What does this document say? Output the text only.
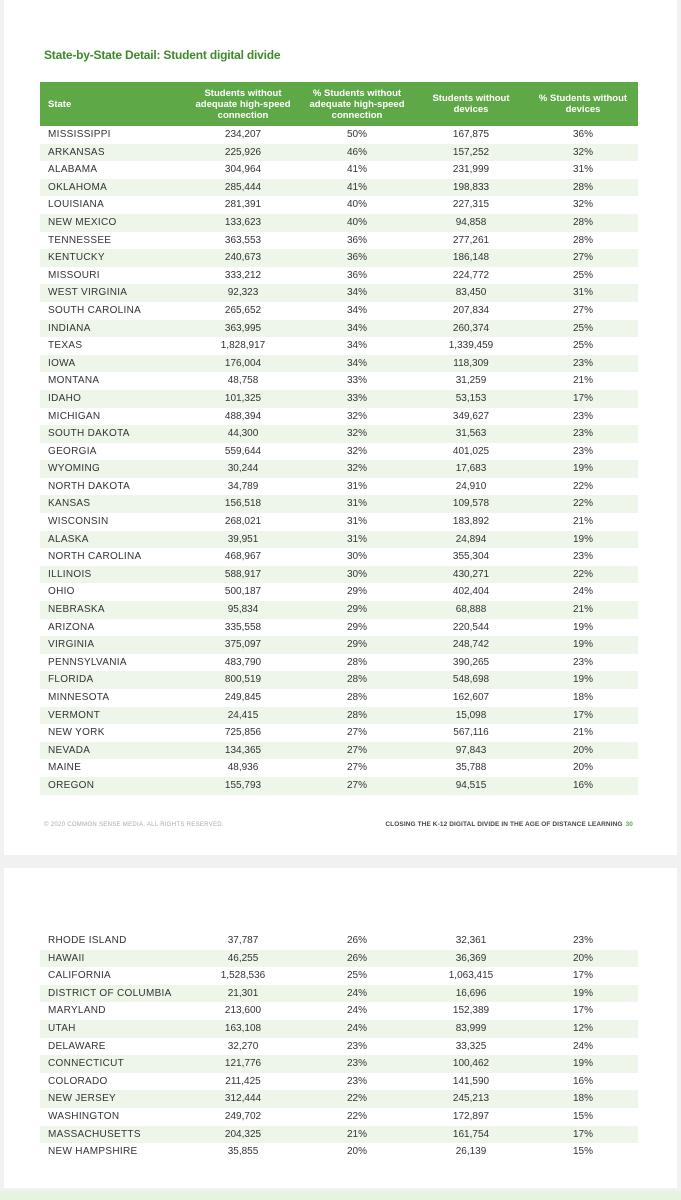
State-by-State Detail: Student digital divide
© 2020 COMMON SENSE MEDIA. ALL RIGHTS RESERVED.	CLOSING THE K-12 DIGITAL DIVIDE IN THE AGE OF DISTANCE LEARNING 30
State	Students without adequate high-speed connection	% Students without adequate high-speed connection	Students without devices	% Students without devices
MISSISSIPPI	234,207	50%	167,875	36%
ARKANSAS	225,926	46%	157,252	32%
ALABAMA	304,964	41%	231,999	31%
OKLAHOMA	285,444	41%	198,833	28%
LOUISIANA	281,391	40%	227,315	32%
NEW MEXICO	133,623	40%	94,858	28%
TENNESSEE	363,553	36%	277,261	28%
KENTUCKY	240,673	36%	186,148	27%
MISSOURI	333,212	36%	224,772	25%
WEST VIRGINIA	92,323	34%	83,450	31%
SOUTH CAROLINA	265,652	34%	207,834	27%
INDIANA	363,995	34%	260,374	25%
TEXAS	1,828,917	34%	1,339,459	25%
IOWA	176,004	34%	118,309	23%
MONTANA	48,758	33%	31,259	21%
IDAHO	101,325	33%	53,153	17%
MICHIGAN	488,394	32%	349,627	23%
SOUTH DAKOTA	44,300	32%	31,563	23%
GEORGIA	559,644	32%	401,025	23%
WYOMING	30,244	32%	17,683	19%
NORTH DAKOTA	34,789	31%	24,910	22%
KANSAS	156,518	31%	109,578	22%
WISCONSIN	268,021	31%	183,892	21%
ALASKA	39,951	31%	24,894	19%
NORTH CAROLINA	468,967	30%	355,304	23%
ILLINOIS	588,917	30%	430,271	22%
OHIO	500,187	29%	402,404	24%
NEBRASKA	95,834	29%	68,888	21%
ARIZONA	335,558	29%	220,544	19%
VIRGINIA	375,097	29%	248,742	19%
PENNSYLVANIA	483,790	28%	390,265	23%
FLORIDA	800,519	28%	548,698	19%
MINNESOTA	249,845	28%	162,607	18%
VERMONT	24,415	28%	15,098	17%
NEW YORK	725,856	27%	567,116	21%
NEVADA	134,365	27%	97,843	20%
MAINE	48,936	27%	35,788	20%
OREGON	155,793	27%	94,515	16%
RHODE ISLAND	37,787	26%	32,361	23%
HAWAII	46,255	26%	36,369	20%
CALIFORNIA	1,528,536	25%	1,063,415	17%
DISTRICT OF COLUMBIA	21,301	24%	16,696	19%
MARYLAND	213,600	24%	152,389	17%
UTAH	163,108	24%	83,999	12%
DELAWARE	32,270	23%	33,325	24%
CONNECTICUT	121,776	23%	100,462	19%
COLORADO	211,425	23%	141,590	16%
NEW JERSEY	312,444	22%	245,213	18%
WASHINGTON	249,702	22%	172,897	15%
MASSACHUSETTS	204,325	21%	161,754	17%
NEW HAMPSHIRE	35,855	20%	26,139	15%
